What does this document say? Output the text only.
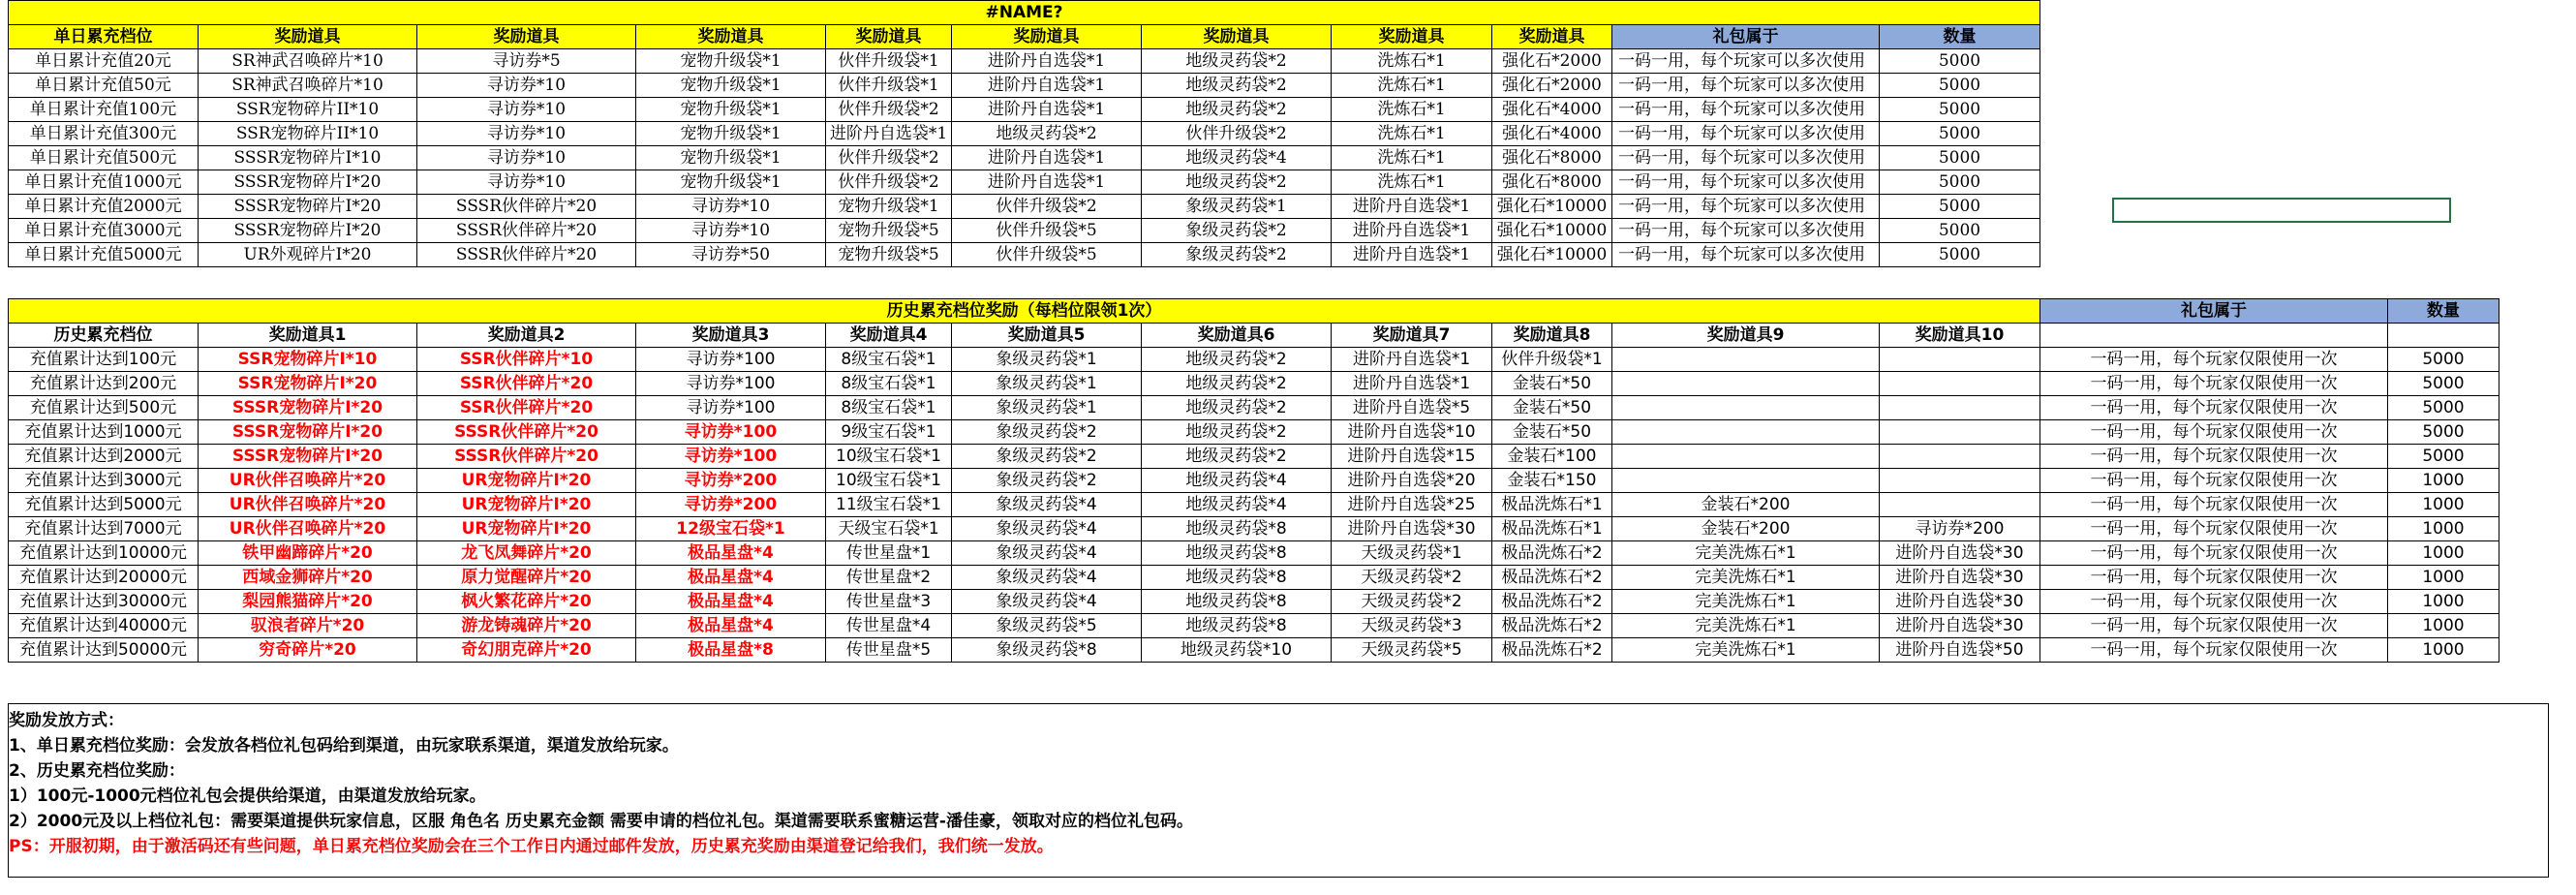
#NAME?										
单日累充档位	奖励道具	奖励道具	奖励道具	奖励道具	奖励道具	奖励道具	奖励道具	奖励道具	礼包属于	数量
单日累计充值20元	SR神武召唤碎片*10	寻访券*5	宠物升级袋*1	伙伴升级袋*1	进阶丹自选袋*1	地级灵药袋*2	洗炼石*1	强化石*2000	一码一用，每个玩家可以多次使用	5000
单日累计充值50元	SR神武召唤碎片*10	寻访券*10	宠物升级袋*1	伙伴升级袋*1	进阶丹自选袋*1	地级灵药袋*2	洗炼石*1	强化石*2000	一码一用，每个玩家可以多次使用	5000
单日累计充值100元	SSR宠物碎片II*10	寻访券*10	宠物升级袋*1	伙伴升级袋*2	进阶丹自选袋*1	地级灵药袋*2	洗炼石*1	强化石*4000	一码一用，每个玩家可以多次使用	5000
单日累计充值300元	SSR宠物碎片II*10	寻访券*10	宠物升级袋*1	进阶丹自选袋*1	地级灵药袋*2	伙伴升级袋*2	洗炼石*1	强化石*4000	一码一用，每个玩家可以多次使用	5000
单日累计充值500元	SSSR宠物碎片I*10	寻访券*10	宠物升级袋*1	伙伴升级袋*2	进阶丹自选袋*1	地级灵药袋*4	洗炼石*1	强化石*8000	一码一用，每个玩家可以多次使用	5000
单日累计充值1000元	SSSR宠物碎片I*20	寻访券*10	宠物升级袋*1	伙伴升级袋*2	进阶丹自选袋*1	地级灵药袋*2	洗炼石*1	强化石*8000	一码一用，每个玩家可以多次使用	5000
单日累计充值2000元	SSSR宠物碎片I*20	SSSR伙伴碎片*20	寻访券*10	宠物升级袋*1	伙伴升级袋*2	象级灵药袋*1	进阶丹自选袋*1	强化石*10000	一码一用，每个玩家可以多次使用	5000
单日累计充值3000元	SSSR宠物碎片I*20	SSSR伙伴碎片*20	寻访券*10	宠物升级袋*5	伙伴升级袋*5	象级灵药袋*2	进阶丹自选袋*1	强化石*10000	一码一用，每个玩家可以多次使用	5000
单日累计充值5000元	UR外观碎片I*20	SSSR伙伴碎片*20	寻访券*50	宠物升级袋*5	伙伴升级袋*5	象级灵药袋*2	进阶丹自选袋*1	强化石*10000	一码一用，每个玩家可以多次使用	5000

历史累充档位奖励（每档位限领1次）											礼包属于	数量
历史累充档位	奖励道具1	奖励道具2	奖励道具3	奖励道具4	奖励道具5	奖励道具6	奖励道具7	奖励道具8	奖励道具9	奖励道具10		
充值累计达到100元	SSR宠物碎片I*10	SSR伙伴碎片*10	寻访券*100	8级宝石袋*1	象级灵药袋*1	地级灵药袋*2	进阶丹自选袋*1	伙伴升级袋*1			一码一用，每个玩家仅限使用一次	5000
充值累计达到200元	SSR宠物碎片I*20	SSR伙伴碎片*20	寻访券*100	8级宝石袋*1	象级灵药袋*1	地级灵药袋*2	进阶丹自选袋*1	金装石*50			一码一用，每个玩家仅限使用一次	5000
充值累计达到500元	SSSR宠物碎片I*20	SSR伙伴碎片*20	寻访券*100	8级宝石袋*1	象级灵药袋*1	地级灵药袋*2	进阶丹自选袋*5	金装石*50			一码一用，每个玩家仅限使用一次	5000
充值累计达到1000元	SSSR宠物碎片I*20	SSSR伙伴碎片*20	寻访券*100	9级宝石袋*1	象级灵药袋*2	地级灵药袋*2	进阶丹自选袋*10	金装石*50			一码一用，每个玩家仅限使用一次	5000
充值累计达到2000元	SSSR宠物碎片I*20	SSSR伙伴碎片*20	寻访券*100	10级宝石袋*1	象级灵药袋*2	地级灵药袋*2	进阶丹自选袋*15	金装石*100			一码一用，每个玩家仅限使用一次	5000
充值累计达到3000元	UR伙伴召唤碎片*20	UR宠物碎片I*20	寻访券*200	10级宝石袋*1	象级灵药袋*2	地级灵药袋*4	进阶丹自选袋*20	金装石*150			一码一用，每个玩家仅限使用一次	1000
充值累计达到5000元	UR伙伴召唤碎片*20	UR宠物碎片I*20	寻访券*200	11级宝石袋*1	象级灵药袋*4	地级灵药袋*4	进阶丹自选袋*25	极品洗炼石*1	金装石*200		一码一用，每个玩家仅限使用一次	1000
充值累计达到7000元	UR伙伴召唤碎片*20	UR宠物碎片I*20	12级宝石袋*1	天级宝石袋*1	象级灵药袋*4	地级灵药袋*8	进阶丹自选袋*30	极品洗炼石*1	金装石*200	寻访券*200	一码一用，每个玩家仅限使用一次	1000
充值累计达到10000元	铁甲幽蹄碎片*20	龙飞凤舞碎片*20	极品星盘*4	传世星盘*1	象级灵药袋*4	地级灵药袋*8	天级灵药袋*1	极品洗炼石*2	完美洗炼石*1	进阶丹自选袋*30	一码一用，每个玩家仅限使用一次	1000
充值累计达到20000元	西域金狮碎片*20	原力觉醒碎片*20	极品星盘*4	传世星盘*2	象级灵药袋*4	地级灵药袋*8	天级灵药袋*2	极品洗炼石*2	完美洗炼石*1	进阶丹自选袋*30	一码一用，每个玩家仅限使用一次	1000
充值累计达到30000元	梨园熊猫碎片*20	枫火繁花碎片*20	极品星盘*4	传世星盘*3	象级灵药袋*4	地级灵药袋*8	天级灵药袋*2	极品洗炼石*2	完美洗炼石*1	进阶丹自选袋*30	一码一用，每个玩家仅限使用一次	1000
充值累计达到40000元	驭浪者碎片*20	游龙铸魂碎片*20	极品星盘*4	传世星盘*4	象级灵药袋*5	地级灵药袋*8	天级灵药袋*3	极品洗炼石*2	完美洗炼石*1	进阶丹自选袋*30	一码一用，每个玩家仅限使用一次	1000
充值累计达到50000元	穷奇碎片*20	奇幻朋克碎片*20	极品星盘*8	传世星盘*5	象级灵药袋*8	地级灵药袋*10	天级灵药袋*5	极品洗炼石*2	完美洗炼石*1	进阶丹自选袋*50	一码一用，每个玩家仅限使用一次	1000
奖励发放方式：
1、单日累充档位奖励：会发放各档位礼包码给到渠道，由玩家联系渠道，渠道发放给玩家。
2、历史累充档位奖励：
1）100元-1000元档位礼包会提供给渠道，由渠道发放给玩家。
2）2000元及以上档位礼包：需要渠道提供玩家信息，区服 角色名 历史累充金额 需要申请的档位礼包。渠道需要联系蜜糖运营-潘佳豪，领取对应的档位礼包码。
PS：开服初期，由于激活码还有些问题，单日累充档位奖励会在三个工作日内通过邮件发放，历史累充奖励由渠道登记给我们，我们统一发放。
